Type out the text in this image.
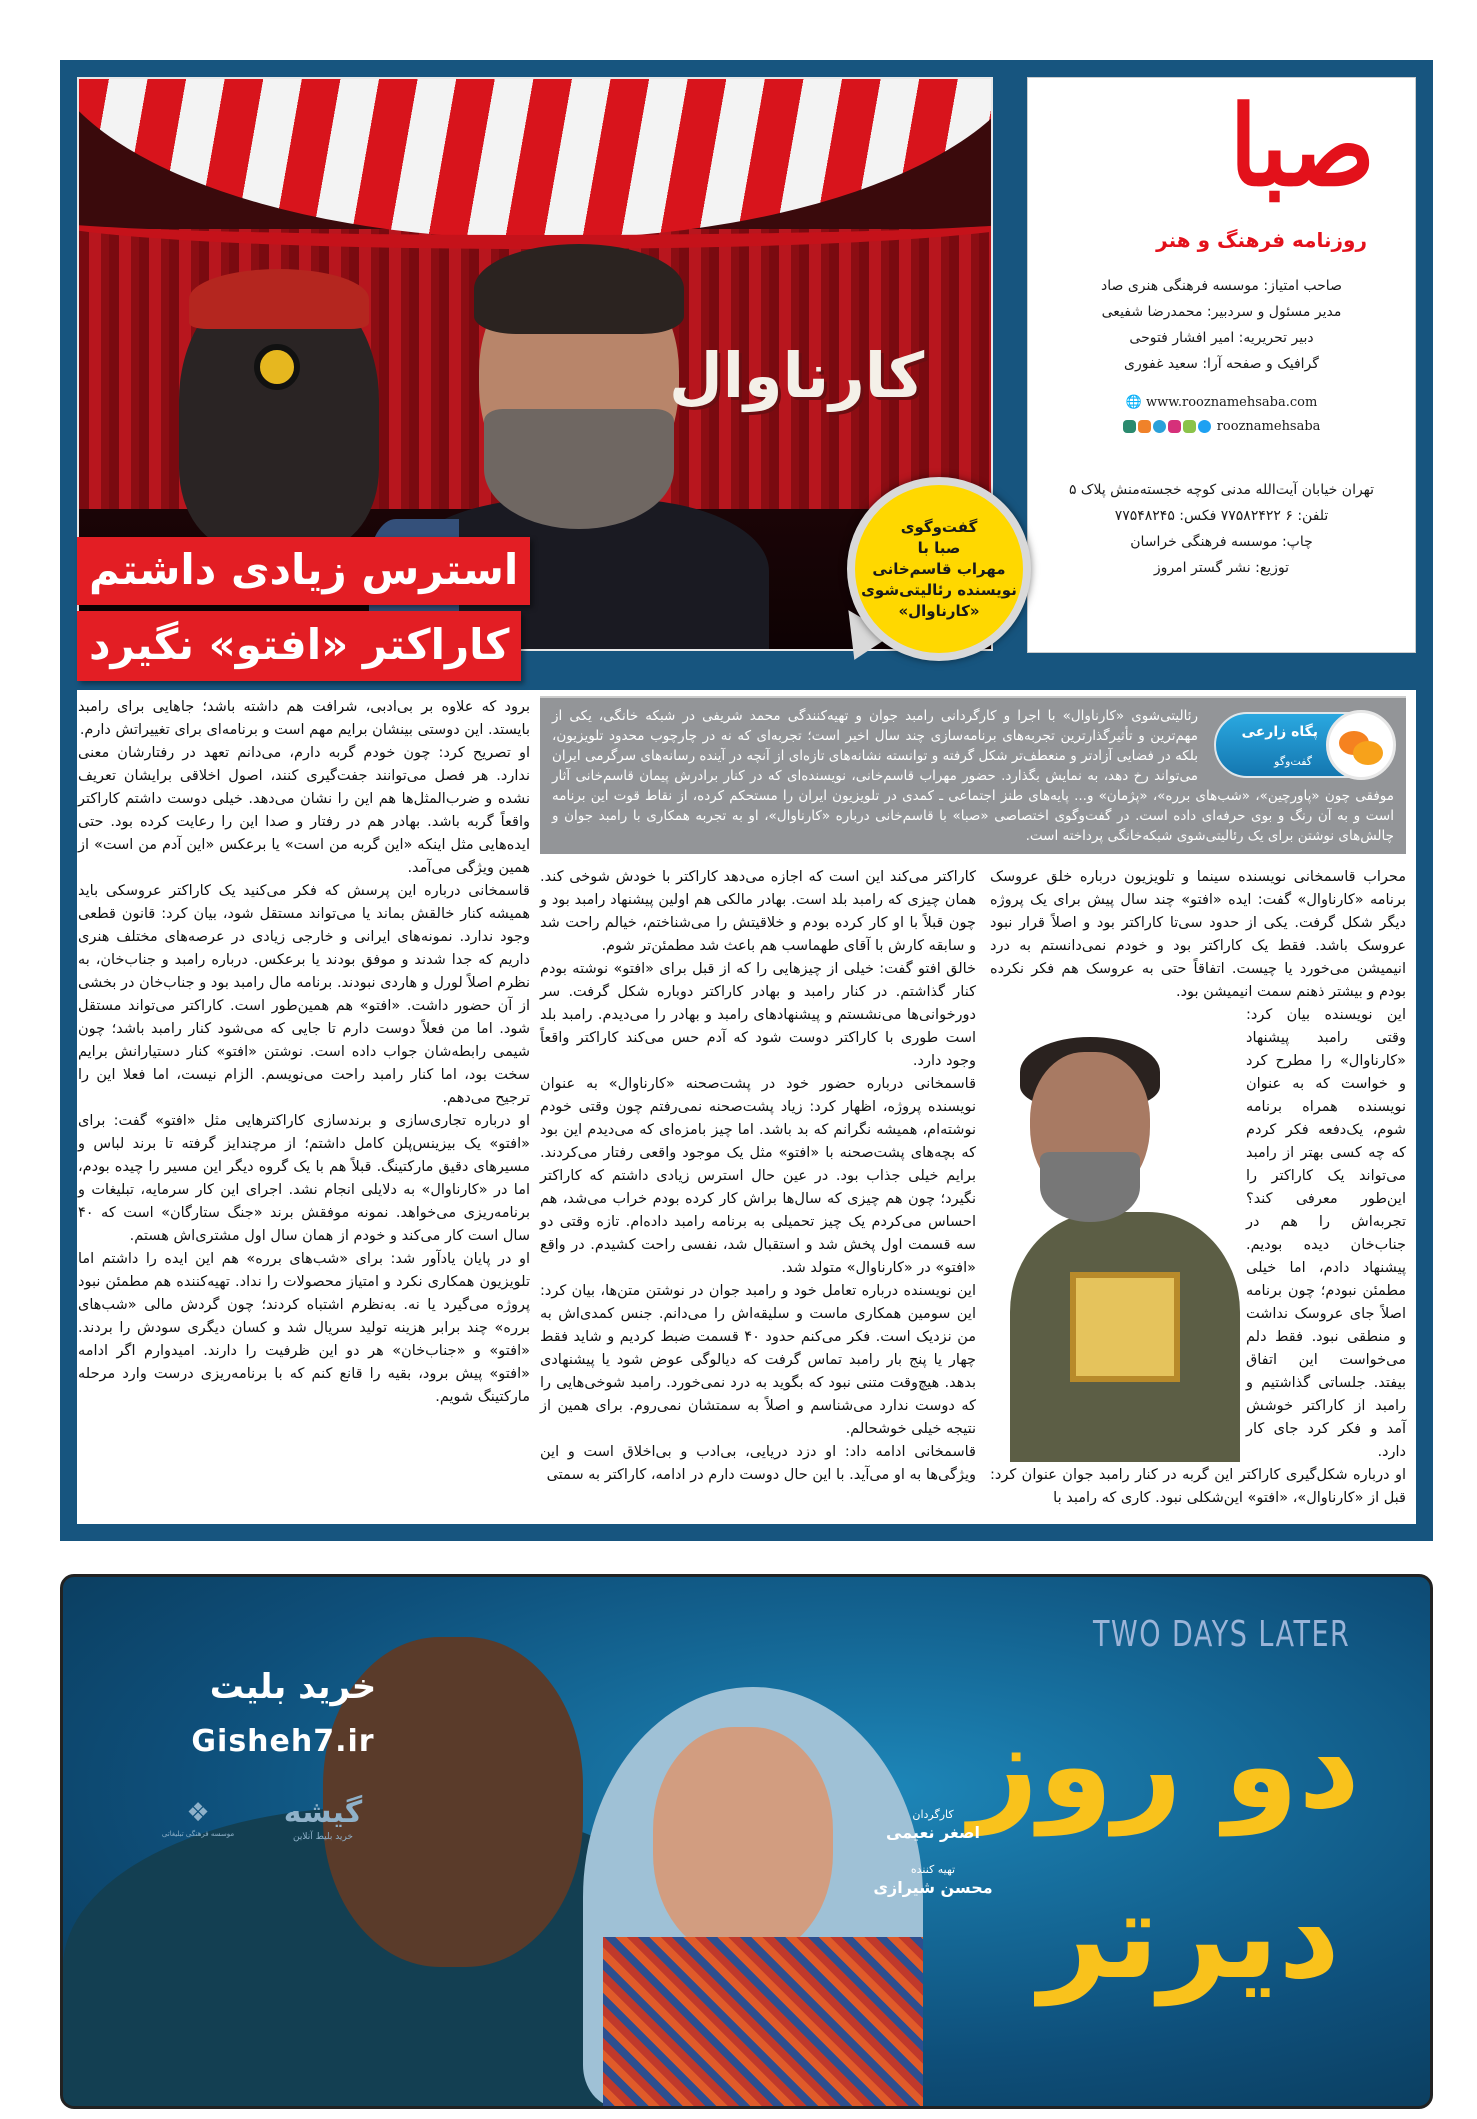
کارناوال
گفت‌وگوی
صبا با
مهراب قاسم‌خانی
نویسنده رئالیتی‌شوی
«کارناوال»
استرس زیادی داشتم
کاراکتر «افتو» نگیرد
صبا
روزنامه فرهنگ و هنر
صاحب امتیاز: موسسه فرهنگی هنری صاد
مدیر مسئول و سردبیر: محمدرضا شفیعی
دبیر تحریریه: امیر افشار فتوحی
گرافیک و صفحه آرا: سعید غفوری
🌐 www.rooznamehsaba.com
rooznamehsaba
تهران خیابان آیت‌الله مدنی کوچه خجسته‌منش پلاک ۵
تلفن: ۶ ۷۷۵۸۲۴۲۲ فکس: ۷۷۵۴۸۲۴۵
چاپ: موسسه فرهنگی خراسان
توزیع: نشر گستر امروز
پگاه زارعی
گفت‌وگو
رئالیتی‌شوی «کارناوال» با اجرا و کارگردانی رامبد جوان و تهیه‌کنندگی محمد شریفی در شبکه خانگی، یکی از مهم‌ترین و تأثیرگذارترین تجربه‌های برنامه‌سازی چند سال اخیر است؛ تجربه‌ای که نه در چارچوب محدود تلویزیون، بلکه در فضایی آزادتر و منعطف‌تر شکل گرفته و توانسته نشانه‌های تازه‌ای از آنچه در آینده رسانه‌های سرگرمی ایران می‌تواند رخ دهد، به نمایش بگذارد. حضور مهراب قاسم‌خانی، نویسنده‌ای که در کنار برادرش پیمان قاسم‌خانی آثار موفقی چون «پاورچین»، «شب‌های برره»، «پژمان» و... پایه‌های طنز اجتماعی ـ کمدی در تلویزیون ایران را مستحکم کرده، از نقاط قوت این برنامه است و به آن رنگ و بوی حرفه‌ای داده است. در گفت‌وگوی اختصاصی «صبا» با قاسم‌خانی درباره «کارناوال»، او به تجربه همکاری با رامبد جوان و چالش‌های نوشتن برای یک رئالیتی‌شوی شبکه‌خانگی پرداخته است.

محراب قاسمخانی نویسنده سینما و تلویزیون درباره خلق عروسک برنامه «کارناوال» گفت: ایده «افتو» چند سال پیش برای یک پروژه دیگر شکل گرفت. یکی از حدود سی‌تا کاراکتر بود و اصلاً قرار نبود عروسک باشد. فقط یک کاراکتر بود و خودم نمی‌دانستم به درد انیمیشن می‌خورد یا چیست. اتفاقاً حتی به عروسک هم فکر نکرده بودم و بیشتر ذهنم سمت انیمیشن بود.

این نویسنده بیان کرد: وقتی رامبد پیشنهاد «کارناوال» را مطرح کرد و خواست که به عنوان نویسنده همراه برنامه شوم، یک‌دفعه فکر کردم که چه کسی بهتر از رامبد می‌تواند یک کاراکتر را این‌طور معرفی کند؟ تجربه‌اش را هم در جناب‌خان دیده بودیم. پیشنهاد دادم، اما خیلی مطمئن نبودم؛ چون برنامه اصلاً جای عروسک نداشت و منطقی نبود. فقط دلم می‌خواست این اتفاق بیفتد. جلساتی گذاشتیم و رامبد از کاراکتر خوشش آمد و فکر کرد جای کار دارد.

او درباره شکل‌گیری کاراکتر این گربه در کنار رامبد جوان عنوان کرد: قبل از «کارناوال»، «افتو» این‌شکلی نبود. کاری که رامبد با

کاراکتر می‌کند این است که اجازه می‌دهد کاراکتر با خودش شوخی کند. همان چیزی که رامبد بلد است. بهادر مالکی هم اولین پیشنهاد رامبد بود و چون قبلاً با او کار کرده بودم و خلاقیتش را می‌شناختم، خیالم راحت شد و سابقه کارش با آقای طهماسب هم باعث شد مطمئن‌تر شوم.

خالق افتو گفت: خیلی از چیزهایی را که از قبل برای «افتو» نوشته بودم کنار گذاشتم. در کنار رامبد و بهادر کاراکتر دوباره شکل گرفت. سر دورخوانی‌ها می‌نشستم و پیشنهادهای رامبد و بهادر را می‌دیدم. رامبد بلد است طوری با کاراکتر دوست شود که آدم حس می‌کند کاراکتر واقعاً وجود دارد.

قاسمخانی درباره حضور خود در پشت‌صحنه «کارناوال» به عنوان نویسنده پروژه، اظهار کرد: زیاد پشت‌صحنه نمی‌رفتم چون وقتی خودم نوشته‌ام، همیشه نگرانم که بد باشد. اما چیز بامزه‌ای که می‌دیدم این بود که بچه‌های پشت‌صحنه با «افتو» مثل یک موجود واقعی رفتار می‌کردند. برایم خیلی جذاب بود. در عین حال استرس زیادی داشتم که کاراکتر نگیرد؛ چون هم چیزی که سال‌ها براش کار کرده بودم خراب می‌شد، هم احساس می‌کردم یک چیز تحمیلی به برنامه رامبد داده‌ام. تازه وقتی دو سه قسمت اول پخش شد و استقبال شد، نفسی راحت کشیدم. در واقع «افتو» در «کارناوال» متولد شد.

این نویسنده درباره تعامل خود و رامبد جوان در نوشتن متن‌ها، بیان کرد: این سومین همکاری ماست و سلیقه‌اش را می‌دانم. جنس کمدی‌اش به من نزدیک است. فکر می‌کنم حدود ۴۰ قسمت ضبط کردیم و شاید فقط چهار یا پنج بار رامبد تماس گرفت که دیالوگی عوض شود یا پیشنهادی بدهد. هیچ‌وقت متنی نبود که بگوید به درد نمی‌خورد. رامبد شوخی‌هایی را که دوست ندارد می‌شناسم و اصلاً به سمتشان نمی‌روم. برای همین از نتیجه خیلی خوشحالم.

قاسمخانی ادامه داد: او دزد دریایی، بی‌ادب و بی‌اخلاق است و این ویژگی‌ها به او می‌آید. با این حال دوست دارم در ادامه، کاراکتر به سمتی

برود که علاوه بر بی‌ادبی، شرافت هم داشته باشد؛ جاهایی برای رامبد بایستد. این دوستی بینشان برایم مهم است و برنامه‌ای برای تغییراتش دارم.

او تصریح کرد: چون خودم گربه دارم، می‌دانم تعهد در رفتارشان معنی ندارد. هر فصل می‌توانند جفت‌گیری کنند، اصول اخلاقی برایشان تعریف نشده و ضرب‌المثل‌ها هم این را نشان می‌دهد. خیلی دوست داشتم کاراکتر واقعاً گربه باشد. بهادر هم در رفتار و صدا این را رعایت کرده بود. حتی ایده‌هایی مثل اینکه «این گربه من است» یا برعکس «این آدم من است» از همین ویژگی می‌آمد.

قاسمخانی درباره این پرسش که فکر می‌کنید یک کاراکتر عروسکی باید همیشه کنار خالقش بماند یا می‌تواند مستقل شود، بیان کرد: قانون قطعی وجود ندارد. نمونه‌های ایرانی و خارجی زیادی در عرصه‌های مختلف هنری داریم که جدا شدند و موفق بودند یا برعکس. درباره رامبد و جناب‌خان، به نظرم اصلاً لورل و هاردی نبودند. برنامه مال رامبد بود و جناب‌خان در بخشی از آن حضور داشت. «افتو» هم همین‌طور است. کاراکتر می‌تواند مستقل شود. اما من فعلاً دوست دارم تا جایی که می‌شود کنار رامبد باشد؛ چون شیمی رابطه‌شان جواب داده است. نوشتن «افتو» کنار دستیارانش برایم سخت بود، اما کنار رامبد راحت می‌نویسم. الزام نیست، اما فعلا این را ترجیح می‌دهم.

او درباره تجاری‌سازی و برندسازی کاراکترهایی مثل «افتو» گفت: برای «افتو» یک بیزینس‌پلن کامل داشتم؛ از مرچندایز گرفته تا برند لباس و مسیرهای دقیق مارکتینگ. قبلاً هم با یک گروه دیگر این مسیر را چیده بودم، اما در «کارناوال» به دلایلی انجام نشد. اجرای این کار سرمایه، تبلیغات و برنامه‌ریزی می‌خواهد. نمونه موفقش برند «جنگ ستارگان» است که ۴۰ سال است کار می‌کند و خودم از همان سال اول مشتری‌اش هستم.

او در پایان یادآور شد: برای «شب‌های برره» هم این ایده را داشتم اما تلویزیون همکاری نکرد و امتیاز محصولات را نداد. تهیه‌کننده هم مطمئن نبود پروژه می‌گیرد یا نه. به‌نظرم اشتباه کردند؛ چون گردش مالی «شب‌های برره» چند برابر هزینه تولید سریال شد و کسان دیگری سودش را بردند. «افتو» و «جناب‌خان» هر دو این ظرفیت را دارند. امیدوارم اگر ادامه «افتو» پیش برود، بقیه را قانع کنم که با برنامه‌ریزی درست وارد مرحله مارکتینگ شویم.

خرید بلیت
Gisheh7.ir
گیشه
خرید بلیط آنلاین
❖
موسسه فرهنگی تبلیغاتی
TWO DAYS LATER
دو روز
دیرتر
کارگردان
اصغر نعیمی
تهیه کننده
محسن شیرازی
